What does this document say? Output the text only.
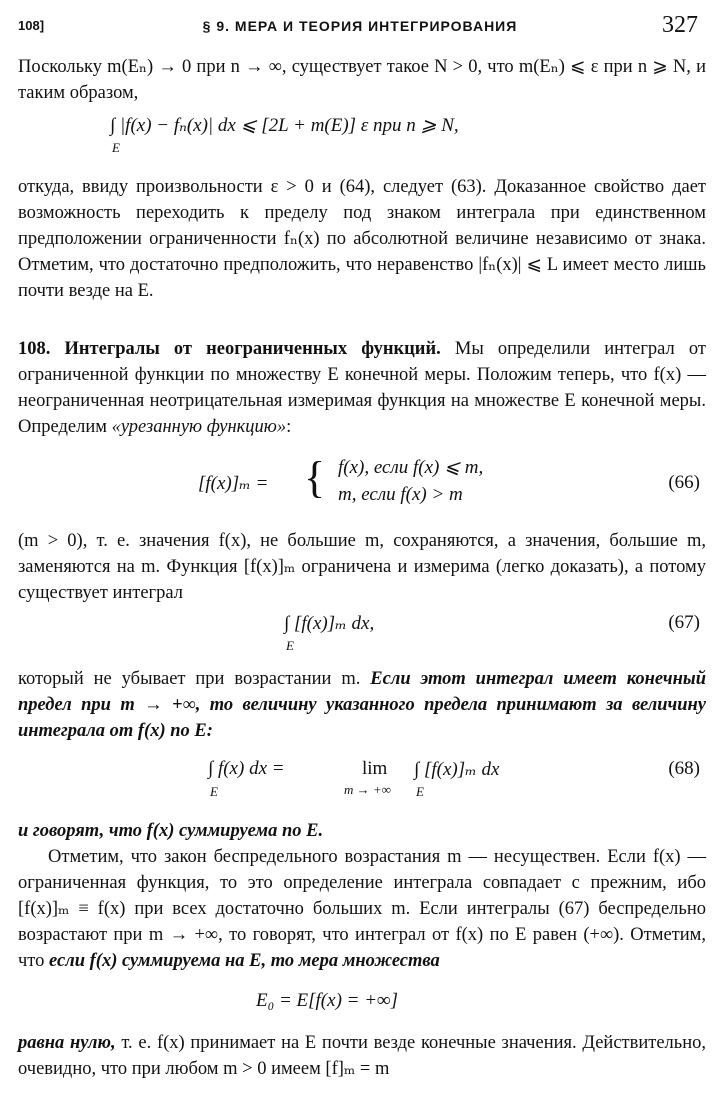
108]	§ 9. МЕРА И ТЕОРИЯ ИНТЕГРИРОВАНИЯ	327
Поскольку m(Eₙ) → 0 при n → ∞, существует такое N > 0, что m(Eₙ) ⩽ ε при n ⩾ N, и таким образом,
∫ |f(x) − fₙ(x)| dx ⩽ [2L + m(E)] ε при n ⩾ N,
E
откуда, ввиду произвольности ε > 0 и (64), следует (63). Доказанное свойство дает возможность переходить к пределу под знаком интеграла при единственном предположении ограниченности fₙ(x) по абсолютной величине независимо от знака. Отметим, что достаточно предположить, что неравенство |fₙ(x)| ⩽ L имеет место лишь почти везде на E.
108. Интегралы от неограниченных функций. Мы определили интеграл от ограниченной функции по множеству E конечной меры. Положим теперь, что f(x) — неограниченная неотрицательная измеримая функция на множестве E конечной меры. Определим «урезанную функцию»:
[f(x)]ₘ = { f(x), если f(x) ⩽ m,
m, если f(x) > m
(66)
(m > 0), т. е. значения f(x), не большие m, сохраняются, а значения, большие m, заменяются на m. Функция [f(x)]ₘ ограничена и измерима (легко доказать), а потому существует интеграл
∫ [f(x)]ₘ dx,
E
(67)
который не убывает при возрастании m. Если этот интеграл имеет конечный предел при m → +∞, то величину указанного предела принимают за величину интеграла от f(x) по E:
∫ f(x) dx =
E
lim
m → +∞
∫ [f(x)]ₘ dx
E
(68)
и говорят, что f(x) суммируема по E.
Отметим, что закон беспредельного возрастания m — несуществен. Если f(x) — ограниченная функция, то это определение интеграла совпадает с прежним, ибо [f(x)]ₘ ≡ f(x) при всех достаточно больших m. Если интегралы (67) беспредельно возрастают при m → +∞, то говорят, что интеграл от f(x) по E равен (+∞). Отметим, что если f(x) суммируема на E, то мера множества
E₀ = E[f(x) = +∞]
равна нулю, т. е. f(x) принимает на E почти везде конечные значения. Действительно, очевидно, что при любом m > 0 имеем [f]ₘ = m
